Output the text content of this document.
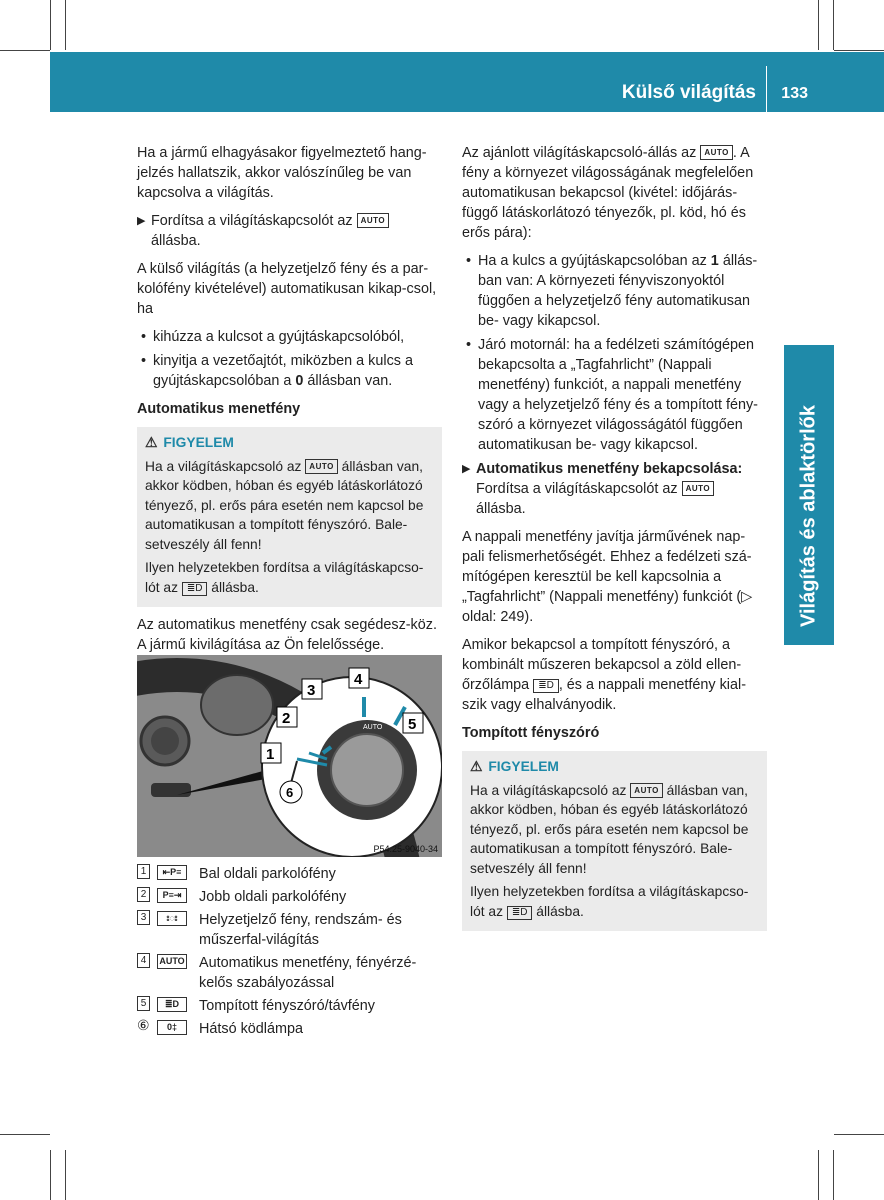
Külső világítás 133
Világítás és ablaktörlők

Ha a jármű elhagyásakor figyelmeztető hang-jelzés hallatszik, akkor valószínűleg be van kapcsolva a világítás.

▶ Fordítsa a világításkapcsolót az AUTO állásba.

A külső világítás (a helyzetjelző fény és a par-kolófény kivételével) automatikusan kikap-csol, ha

• kihúzza a kulcsot a gyújtáskapcsolóból,
• kinyitja a vezetőajtót, miközben a kulcs a gyújtáskapcsolóban a 0 állásban van.
Automatikus menetfény
⚠ FIGYELEM

Ha a világításkapcsoló az AUTO állásban van, akkor ködben, hóban és egyéb látáskorlátozó tényező, pl. erős pára esetén nem kapcsol be automatikusan a tompított fényszóró. Bale-setveszély áll fenn!

Ilyen helyzetekben fordítsa a világításkapcso-lót az ≣D állásba.

Az automatikus menetfény csak segédesz-köz. A jármű kivilágítása az Ön felelőssége.

AUTO
3
4
5
2
1
6
P54.25-9040-34
1	⇤P≡	Bal oldali parkolófény
2	P≡⇥	Jobb oldali parkolófény
3	⦂◌⦂	Helyzetjelző fény, rendszám- és műszerfal-világítás
4	AUTO Automatikus menetfény, fényérzé-kelős szabályozással
5	≣D	Tompított fényszóró/távfény
⑥	0‡	Hátsó ködlámpa

Az ajánlott világításkapcsoló-állás az AUTO . A fény a környezet világosságának megfelelően automatikusan bekapcsol (kivétel: időjárás-függő látáskorlátozó tényezők, pl. köd, hó és erős pára):

• Ha a kulcs a gyújtáskapcsolóban az 1 állás-ban van: A környezeti fényviszonyoktól függően a helyzetjelző fény automatikusan be- vagy kikapcsol.
• Járó motornál: ha a fedélzeti számítógépen bekapcsolta a „Tagfahrlicht” (Nappali menetfény) funkciót, a nappali menetfény vagy a helyzetjelző fény és a tompított fény-szóró a környezet világosságától függően automatikusan be- vagy kikapcsol.
▶ Automatikus menetfény bekapcsolása:
Fordítsa a világításkapcsolót az AUTO állásba.

A nappali menetfény javítja járművének nap-pali felismerhetőségét. Ehhez a fedélzeti szá-mítógépen keresztül be kell kapcsolnia a „Tagfahrlicht” (Nappali menetfény) funkciót (▷ oldal: 249).

Amikor bekapcsol a tompított fényszóró, a kombinált műszeren bekapcsol a zöld ellen-őrzőlámpa ≣D , és a nappali menetfény kial-szik vagy elhalványodik.

Tompított fényszóró
⚠ FIGYELEM

Ha a világításkapcsoló az AUTO állásban van, akkor ködben, hóban és egyéb látáskorlátozó tényező, pl. erős pára esetén nem kapcsol be automatikusan a tompított fényszóró. Bale-setveszély áll fenn!

Ilyen helyzetekben fordítsa a világításkapcso-lót az ≣D állásba.
